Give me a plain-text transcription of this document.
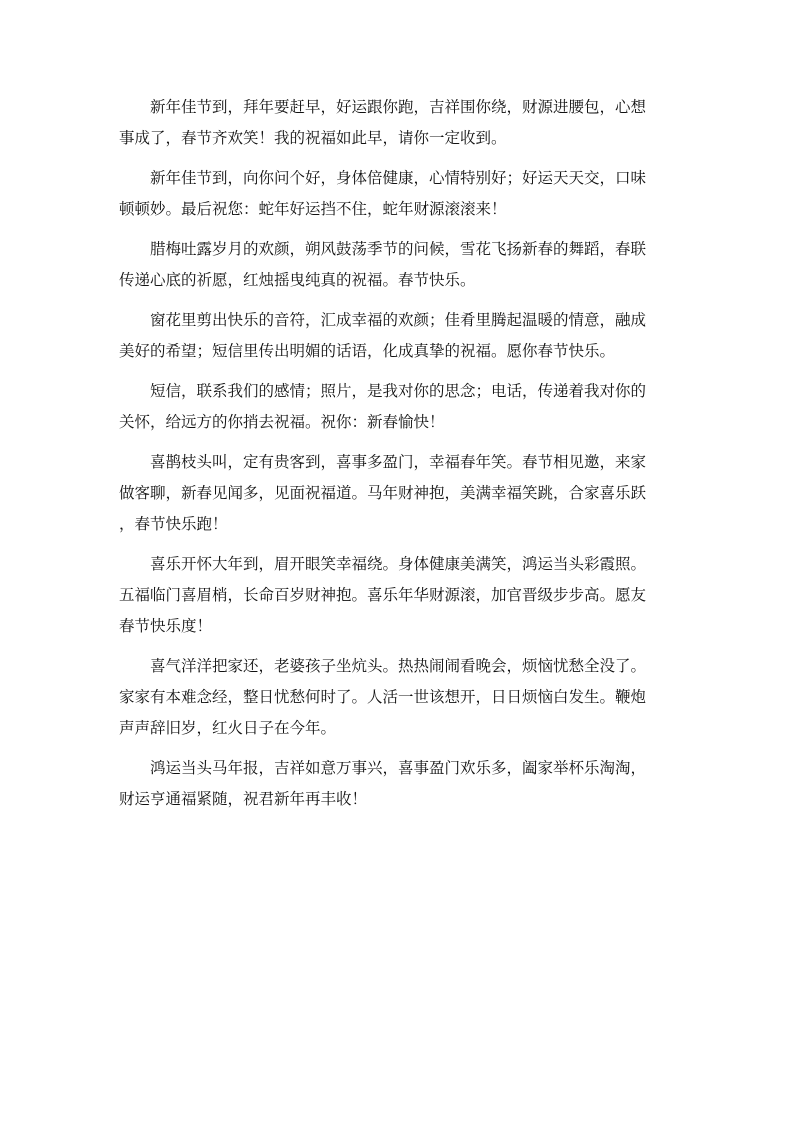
新年佳节到，拜年要赶早，好运跟你跑，吉祥围你绕，财源进腰包，心想
事成了，春节齐欢笑！我的祝福如此早，请你一定收到。

新年佳节到，向你问个好，身体倍健康，心情特别好；好运天天交，口味
顿顿妙。最后祝您：蛇年好运挡不住，蛇年财源滚滚来！

腊梅吐露岁月的欢颜，朔风鼓荡季节的问候，雪花飞扬新春的舞蹈，春联
传递心底的祈愿，红烛摇曳纯真的祝福。春节快乐。

窗花里剪出快乐的音符，汇成幸福的欢颜；佳肴里腾起温暖的情意，融成
美好的希望；短信里传出明媚的话语，化成真挚的祝福。愿你春节快乐。

短信，联系我们的感情；照片，是我对你的思念；电话，传递着我对你的
关怀，给远方的你捎去祝福。祝你：新春愉快！

喜鹊枝头叫，定有贵客到，喜事多盈门，幸福春年笑。春节相见邀，来家
做客聊，新春见闻多，见面祝福道。马年财神抱，美满幸福笑跳，合家喜乐跃
，春节快乐跑！

喜乐开怀大年到，眉开眼笑幸福绕。身体健康美满笑，鸿运当头彩霞照。
五福临门喜眉梢，长命百岁财神抱。喜乐年华财源滚，加官晋级步步高。愿友
春节快乐度！

喜气洋洋把家还，老婆孩子坐炕头。热热闹闹看晚会，烦恼忧愁全没了。
家家有本难念经，整日忧愁何时了。人活一世该想开，日日烦恼白发生。鞭炮
声声辞旧岁，红火日子在今年。

鸿运当头马年报，吉祥如意万事兴，喜事盈门欢乐多，阖家举杯乐淘淘，
财运亨通福紧随，祝君新年再丰收！
